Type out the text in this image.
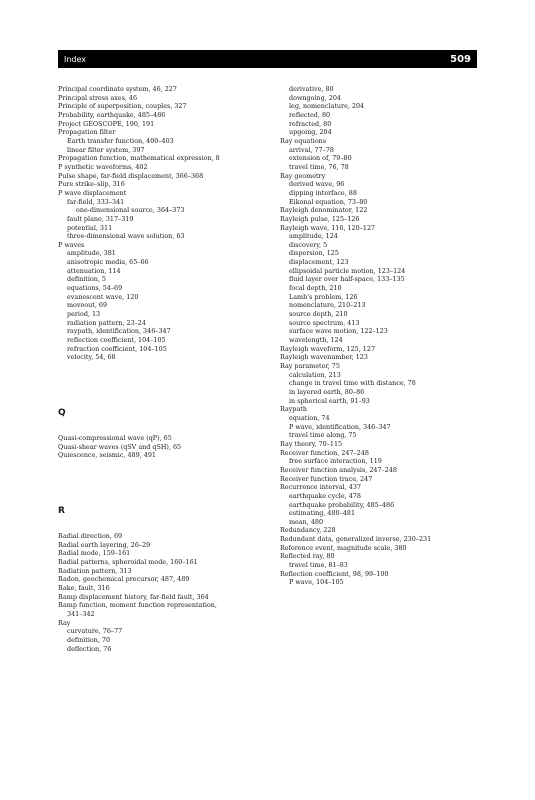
Index	509
Principal coordinate system, 46, 227
Principal stress axes, 46
Principle of superposition, couples, 327
Probability, earthquake, 485–486
Project GEOSCOPE, 190, 191
Propagation filter
Earth transfer function, 400–403
linear filter system, 397
Propagation function, mathematical expression, 8
P synthetic waveforms, 402
Pulse shape, far-field displacement, 366–368
Pure strike–slip, 316
P wave displacement
far-field, 333–341
one-dimensional source, 364–373
fault plane, 317–319
potential, 311
three-dimensional wave solution, 63
P waves
amplitude, 381
anisotropic media, 65–66
attenuation, 114
definition, 5
equations, 54–69
evanescent wave, 120
moveout, 69
period, 13
radiation pattern, 23–24
raypath, identification, 346–347
reflection coefficient, 104–105
refraction coefficient, 104–105
velocity, 54, 68
Q
Quasi-compressional wave (qP), 65
Quasi-shear waves (qSV and qSH), 65
Quiescence, seismic, 489, 491
R
Radial direction, 69
Radial earth layering, 26–29
Radial mode, 159–161
Radial patterns, spheroidal mode, 160–161
Radiation pattern, 313
Radon, geochemical precursor, 487, 489
Rake, fault, 316
Ramp displacement history, far-field fault, 364
Ramp function, moment function representation,
341–342
Ray
curvature, 76–77
definition, 70
deflection, 76
derivative, 80
downgoing, 204
leg, nomenclature, 204
reflected, 80
refracted, 80
upgoing, 204
Ray equations
arrival, 77–78
extension of, 79–80
travel time, 76, 78
Ray geometry
derived wave, 96
dipping interface, 88
Eikonal equation, 73–80
Rayleigh denominator, 122
Rayleigh pulse, 125–126
Rayleigh wave, 116, 120–127
amplitude, 124
discovery, 5
dispersion, 125
displacement, 123
ellipsoidal particle motion, 123–124
fluid layer over half-space, 133–135
focal depth, 210
Lamb's problem, 126
nomenclature, 210–213
source depth, 210
source spectrum, 413
surface wave motion, 122–123
wavelength, 124
Rayleigh waveform, 125, 127
Rayleigh wavenumber, 123
Ray parameter, 75
calculation, 213
change in travel time with distance, 78
in layered earth, 80–86
in spherical earth, 91–93
Raypath
equation, 74
P wave, identification, 346–347
travel time along, 75
Ray theory, 70–115
Receiver function, 247–248
free surface interaction, 119
Receiver function analysis, 247–248
Receiver function trace, 247
Recurrence interval, 437
earthquake cycle, 478
earthquake probability, 485–486
estimating, 480–481
mean, 480
Redundancy, 228
Redundant data, generalized inverse, 230–231
Reference event, magnitude scale, 380
Reflected ray, 80
travel time, 81–83
Reflection coefficient, 98, 99–100
P wave, 104–105
